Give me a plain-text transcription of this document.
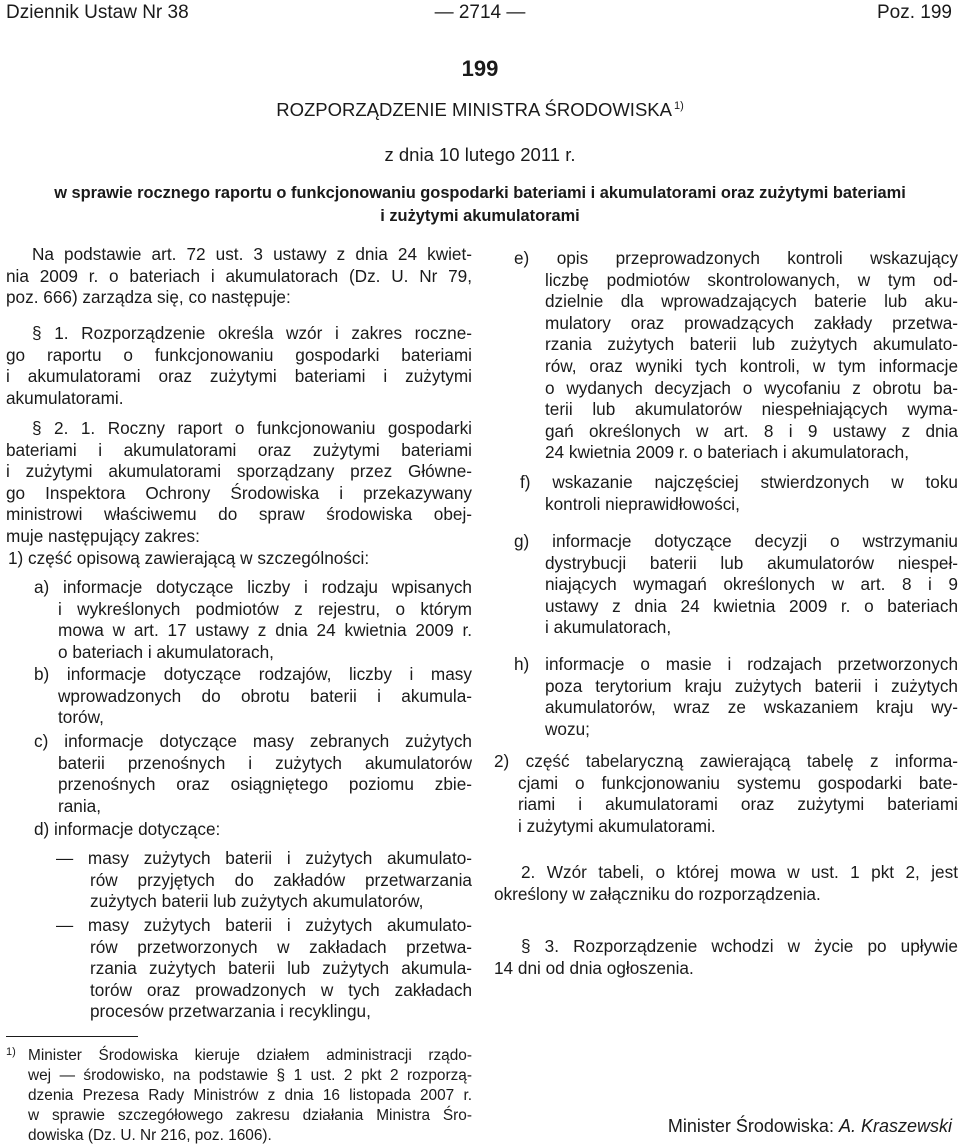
Dziennik Ustaw Nr 38	— 2714 —	Poz. 199
199
ROZPORZĄDZENIE MINISTRA ŚRODOWISKA $^{1)}$
z dnia 10 lutego 2011 r.
w sprawie rocznego raportu o funkcjonowaniu gospodarki bateriami i akumulatorami oraz zużytymi bateriami
i zużytymi akumulatorami
Na podstawie art. 72 ust. 3 ustawy z dnia 24 kwiet-
nia 2009 r. o bateriach i akumulatorach (Dz. U. Nr 79,
poz. 666) zarządza się, co następuje:
§ 1. Rozporządzenie określa wzór i zakres roczne-
go raportu o funkcjonowaniu gospodarki bateriami
i akumulatorami oraz zużytymi bateriami i zużytymi
akumulatorami.
§ 2. 1. Roczny raport o funkcjonowaniu gospodarki
bateriami i akumulatorami oraz zużytymi bateriami
i zużytymi akumulatorami sporządzany przez Główne-
go Inspektora Ochrony Środowiska i przekazywany
ministrowi właściwemu do spraw środowiska obej-
muje następujący zakres:
1) część opisową zawierającą w szczególności:
a) informacje dotyczące liczby i rodzaju wpisanych
i wykreślonych podmiotów z rejestru, o którym
mowa w art. 17 ustawy z dnia 24 kwietnia 2009 r.
o bateriach i akumulatorach,
b) informacje dotyczące rodzajów, liczby i masy
wprowadzonych do obrotu baterii i akumula-
torów,
c) informacje dotyczące masy zebranych zużytych
baterii przenośnych i zużytych akumulatorów
przenośnych oraz osiągniętego poziomu zbie-
rania,
d) informacje dotyczące:
— masy zużytych baterii i zużytych akumulato-
rów przyjętych do zakładów przetwarzania
zużytych baterii lub zużytych akumulatorów,
— masy zużytych baterii i zużytych akumulato-
rów przetworzonych w zakładach przetwa-
rzania zużytych baterii lub zużytych akumula-
torów oraz prowadzonych w tych zakładach
procesów przetwarzania i recyklingu,
1) Minister Środowiska kieruje działem administracji rządo-
wej — środowisko, na podstawie § 1 ust. 2 pkt 2 rozporzą-
dzenia Prezesa Rady Ministrów z dnia 16 listopada 2007 r.
w sprawie szczegółowego zakresu działania Ministra Śro-
dowiska (Dz. U. Nr 216, poz. 1606).
e) opis przeprowadzonych kontroli wskazujący
liczbę podmiotów skontrolowanych, w tym od-
dzielnie dla wprowadzających baterie lub aku-
mulatory oraz prowadzących zakłady przetwa-
rzania zużytych baterii lub zużytych akumulato-
rów, oraz wyniki tych kontroli, w tym informacje
o wydanych decyzjach o wycofaniu z obrotu ba-
terii lub akumulatorów niespełniających wyma-
gań określonych w art. 8 i 9 ustawy z dnia
24 kwietnia 2009 r. o bateriach i akumulatorach,
f) wskazanie najczęściej stwierdzonych w toku
kontroli nieprawidłowości,
g) informacje dotyczące decyzji o wstrzymaniu
dystrybucji baterii lub akumulatorów niespeł-
niających wymagań określonych w art. 8 i 9
ustawy z dnia 24 kwietnia 2009 r. o bateriach
i akumulatorach,
h) informacje o masie i rodzajach przetworzonych
poza terytorium kraju zużytych baterii i zużytych
akumulatorów, wraz ze wskazaniem kraju wy-
wozu;
2) część tabelaryczną zawierającą tabelę z informa-
cjami o funkcjonowaniu systemu gospodarki bate-
riami i akumulatorami oraz zużytymi bateriami
i zużytymi akumulatorami.
2. Wzór tabeli, o której mowa w ust. 1 pkt 2, jest
określony w załączniku do rozporządzenia.
§ 3. Rozporządzenie wchodzi w życie po upływie
14 dni od dnia ogłoszenia.
Minister Środowiska: A. Kraszewski
